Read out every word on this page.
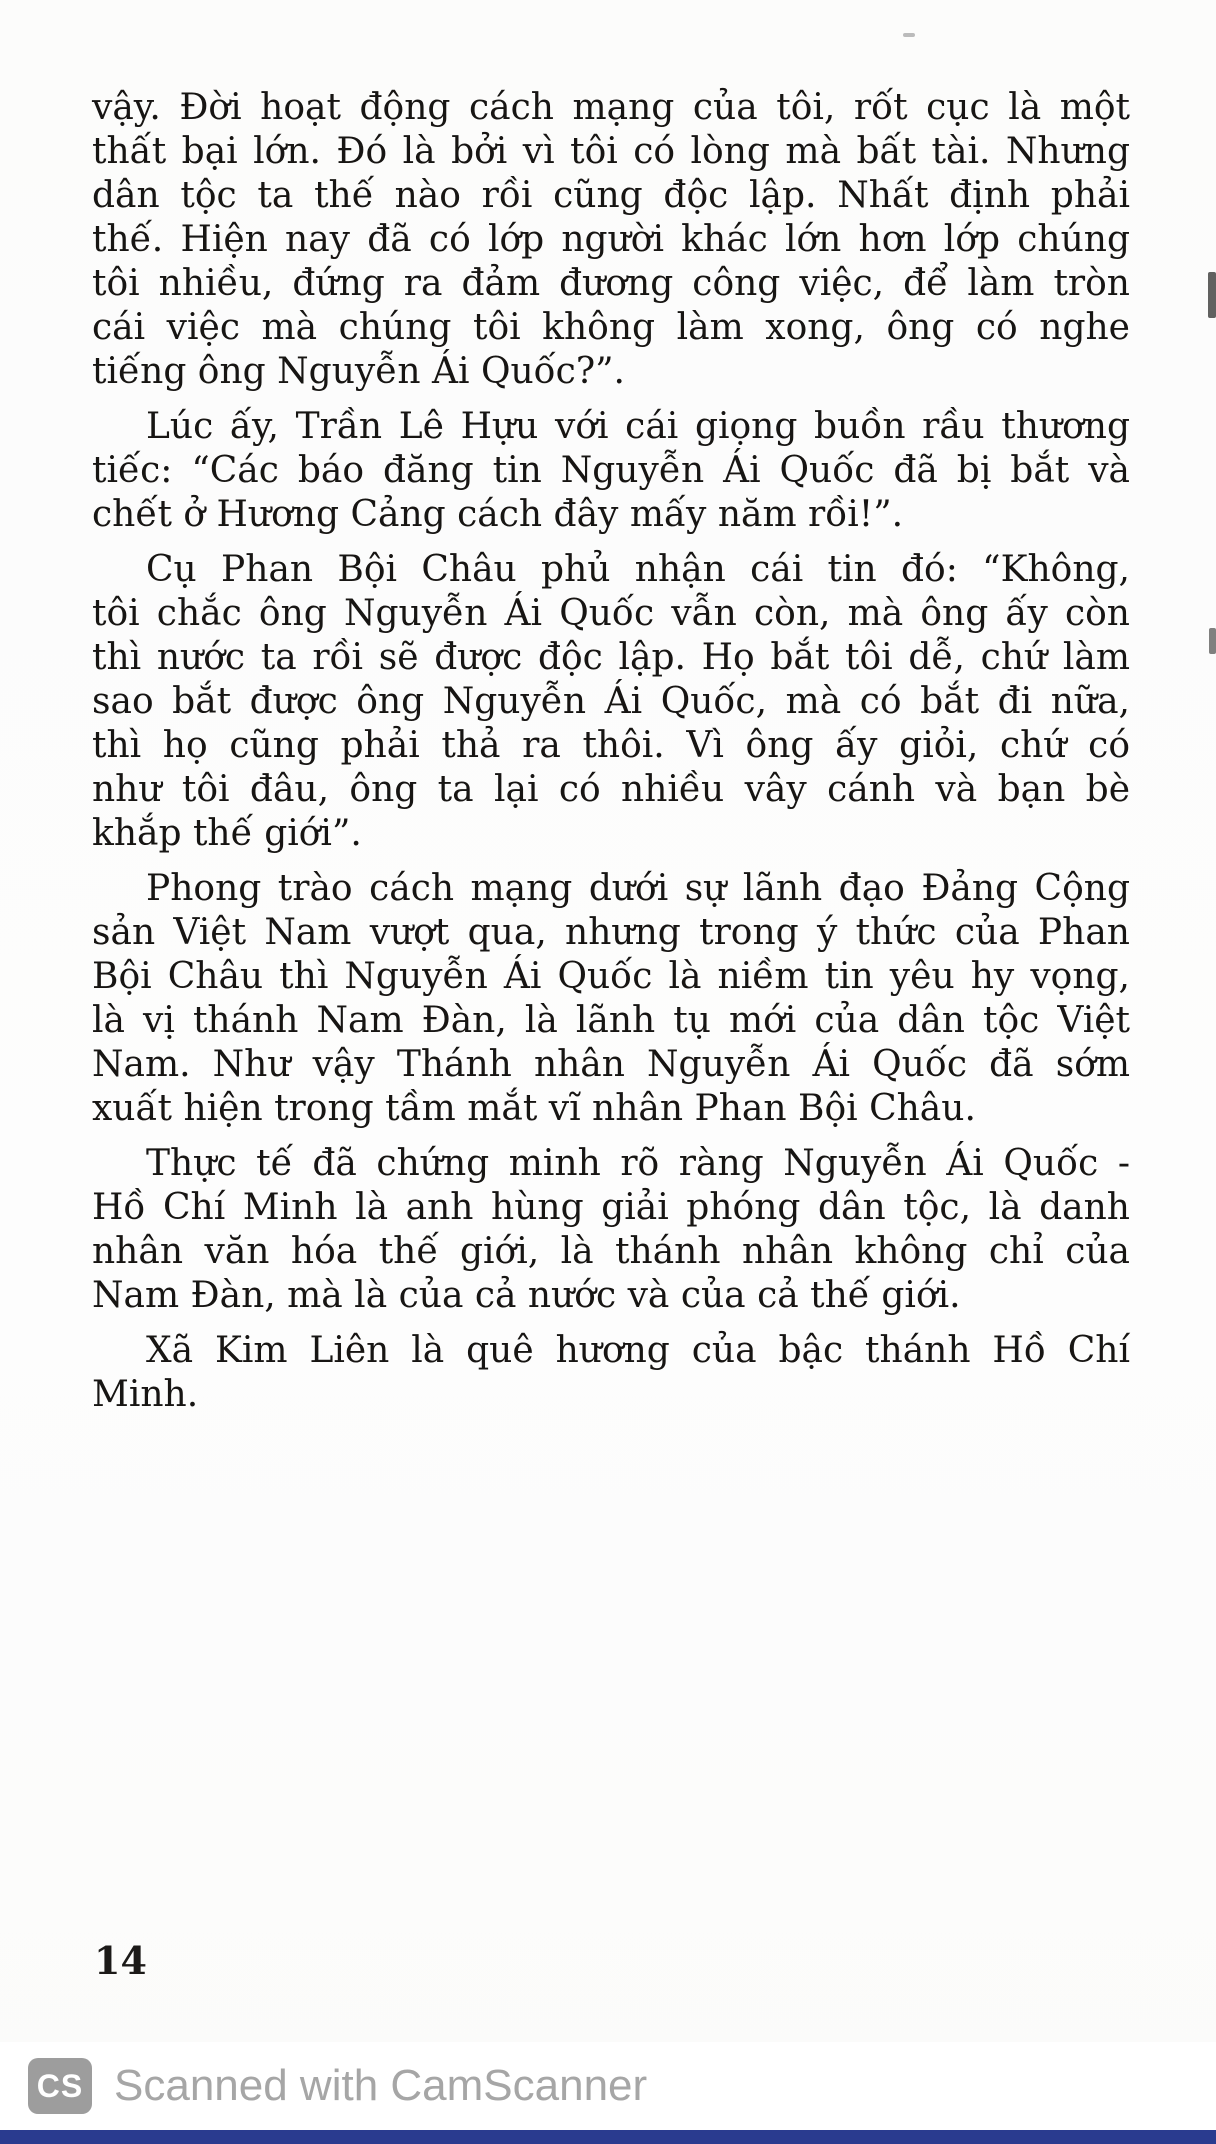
vậy. Đời hoạt động cách mạng của tôi, rốt cục là một
thất bại lớn. Đó là bởi vì tôi có lòng mà bất tài. Nhưng
dân tộc ta thế nào rồi cũng độc lập. Nhất định phải
thế. Hiện nay đã có lớp người khác lớn hơn lớp chúng
tôi nhiều, đứng ra đảm đương công việc, để làm tròn
cái việc mà chúng tôi không làm xong, ông có nghe
tiếng ông Nguyễn Ái Quốc?”.
Lúc ấy, Trần Lê Hựu với cái giọng buồn rầu thương
tiếc: “Các báo đăng tin Nguyễn Ái Quốc đã bị bắt và
chết ở Hương Cảng cách đây mấy năm rồi!”.
Cụ Phan Bội Châu phủ nhận cái tin đó: “Không,
tôi chắc ông Nguyễn Ái Quốc vẫn còn, mà ông ấy còn
thì nước ta rồi sẽ được độc lập. Họ bắt tôi dễ, chứ làm
sao bắt được ông Nguyễn Ái Quốc, mà có bắt đi nữa,
thì họ cũng phải thả ra thôi. Vì ông ấy giỏi, chứ có
như tôi đâu, ông ta lại có nhiều vây cánh và bạn bè
khắp thế giới”.
Phong trào cách mạng dưới sự lãnh đạo Đảng Cộng
sản Việt Nam vượt qua, nhưng trong ý thức của Phan
Bội Châu thì Nguyễn Ái Quốc là niềm tin yêu hy vọng,
là vị thánh Nam Đàn, là lãnh tụ mới của dân tộc Việt
Nam. Như vậy Thánh nhân Nguyễn Ái Quốc đã sớm
xuất hiện trong tầm mắt vĩ nhân Phan Bội Châu.
Thực tế đã chứng minh rõ ràng Nguyễn Ái Quốc -
Hồ Chí Minh là anh hùng giải phóng dân tộc, là danh
nhân văn hóa thế giới, là thánh nhân không chỉ của
Nam Đàn, mà là của cả nước và của cả thế giới.
Xã Kim Liên là quê hương của bậc thánh Hồ Chí
Minh.
14
CS Scanned with CamScanner
